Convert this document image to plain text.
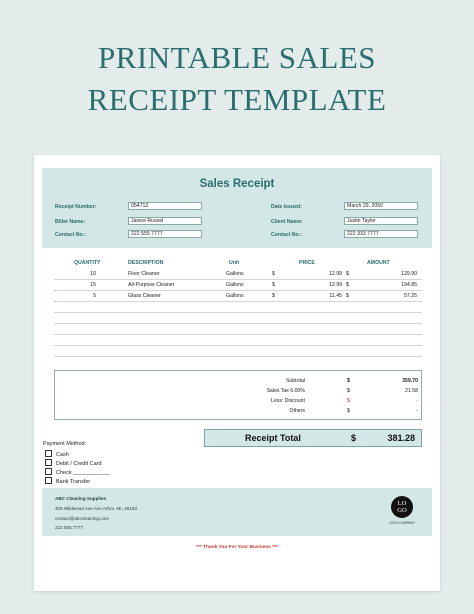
PRINTABLE SALES
RECEIPT TEMPLATE
Sales Receipt
Receipt Number:	054712	Date Issued:	March 29, 2050
Biller Name:	Janice Russel	Client Name:	Justin Taylor
Contact No.:	222 555 7777	Contact No.:	222 333 7777
QUANTITY	DESCRIPTION	Unit	PRICE	AMOUNT
10	Floor Cleaner	Gallons	$	12.99 $	129.90
15	All-Purpose Cleaner	Gallons	$	12.99 $	194.85
5	Glass Cleaner	Gallons	$	11.45 $	57.25
Subtotal	$	359.70
Sales Tax 6.00%	$	21.58
Less: Discount	$	-
Others	$	-
Receipt Total	$	381.28
Payment Method:
Cash
Debit / Credit Card
Check ____________
Bank Transfer
ABC Cleaning Supplies
405 Wildwood Ave Ann Arbor, MI, 48103
contact@abccleaning.com
222 555 7777
LO
GO
LOGO COMPANY
*** Thank You For Your Business ***
